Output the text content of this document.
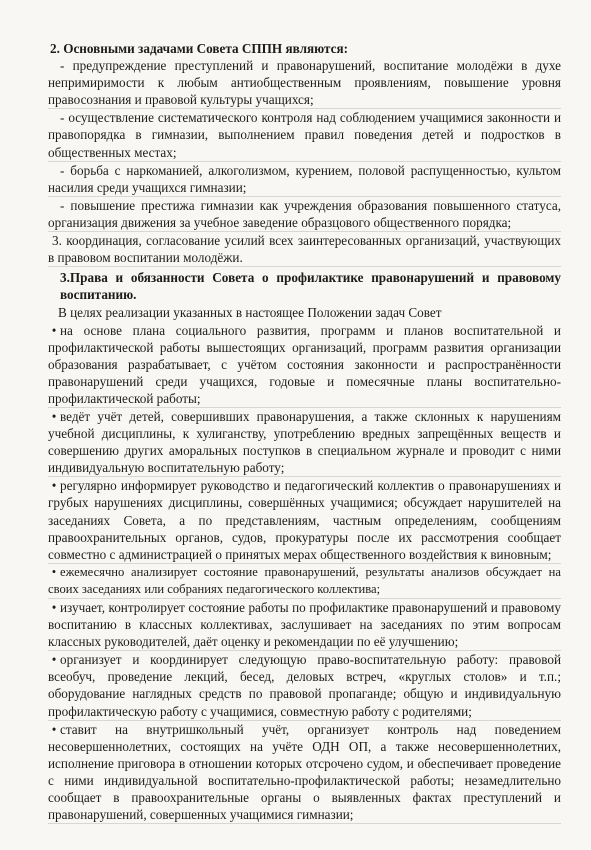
2. Основными задачами Совета СППН являются:

- предупреждение преступлений и правонарушений, воспитание молодёжи в духе непримиримости к любым антиобщественным проявлениям, повышение уровня правосознания и правовой культуры учащихся;

- осуществление систематического контроля над соблюдением учащимися законности и правопорядка в гимназии, выполнением правил поведения детей и подростков в общественных местах;

- борьба с наркоманией, алкоголизмом, курением, половой распущенностью, культом насилия среди учащихся гимназии;

- повышение престижа гимназии как учреждения образования повышенного статуса, организация движения за учебное заведение образцового общественного порядка;

3. координация, согласование усилий всех заинтересованных организаций, участвующих в правовом воспитании молодёжи.

3.Права и обязанности Совета о профилактике правонарушений и правовому воспитанию.

В целях реализации указанных в настоящее Положении задач Совет

• на основе плана социального развития, программ и планов воспитательной и профилактической работы вышестоящих организаций, программ развития организации образования разрабатывает, с учётом состояния законности и распространённости правонарушений среди учащихся, годовые и помесячные планы воспитательно-профилактической работы;

• ведёт учёт детей, совершивших правонарушения, а также склонных к нарушениям учебной дисциплины, к хулиганству, употреблению вредных запрещённых веществ и совершению других аморальных поступков в специальном журнале и проводит с ними индивидуальную воспитательную работу;

• регулярно информирует руководство и педагогический коллектив о правонарушениях и грубых нарушениях дисциплины, совершённых учащимися; обсуждает нарушителей на заседаниях Совета, а по представлениям, частным определениям, сообщениям правоохранительных органов, судов, прокуратуры после их рассмотрения сообщает совместно с администрацией о принятых мерах общественного воздействия к виновным;

• ежемесячно анализирует состояние правонарушений, результаты анализов обсуждает на своих заседаниях или собраниях педагогического коллектива;

• изучает, контролирует состояние работы по профилактике правонарушений и правовому воспитанию в классных коллективах, заслушивает на заседаниях по этим вопросам классных руководителей, даёт оценку и рекомендации по её улучшению;

• организует и координирует следующую право-воспитательную работу: правовой всеобуч, проведение лекций, бесед, деловых встреч, «круглых столов» и т.п.; оборудование наглядных средств по правовой пропаганде; общую и индивидуальную профилактическую работу с учащимися, совместную работу с родителями;

• ставит на внутришкольный учёт, организует контроль над поведением несовершеннолетних, состоящих на учёте ОДН ОП, а также несовершеннолетних, исполнение приговора в отношении которых отсрочено судом, и обеспечивает проведение с ними индивидуальной воспитательно-профилактической работы; незамедлительно сообщает в правоохранительные органы о выявленных фактах преступлений и правонарушений, совершенных учащимися гимназии;
